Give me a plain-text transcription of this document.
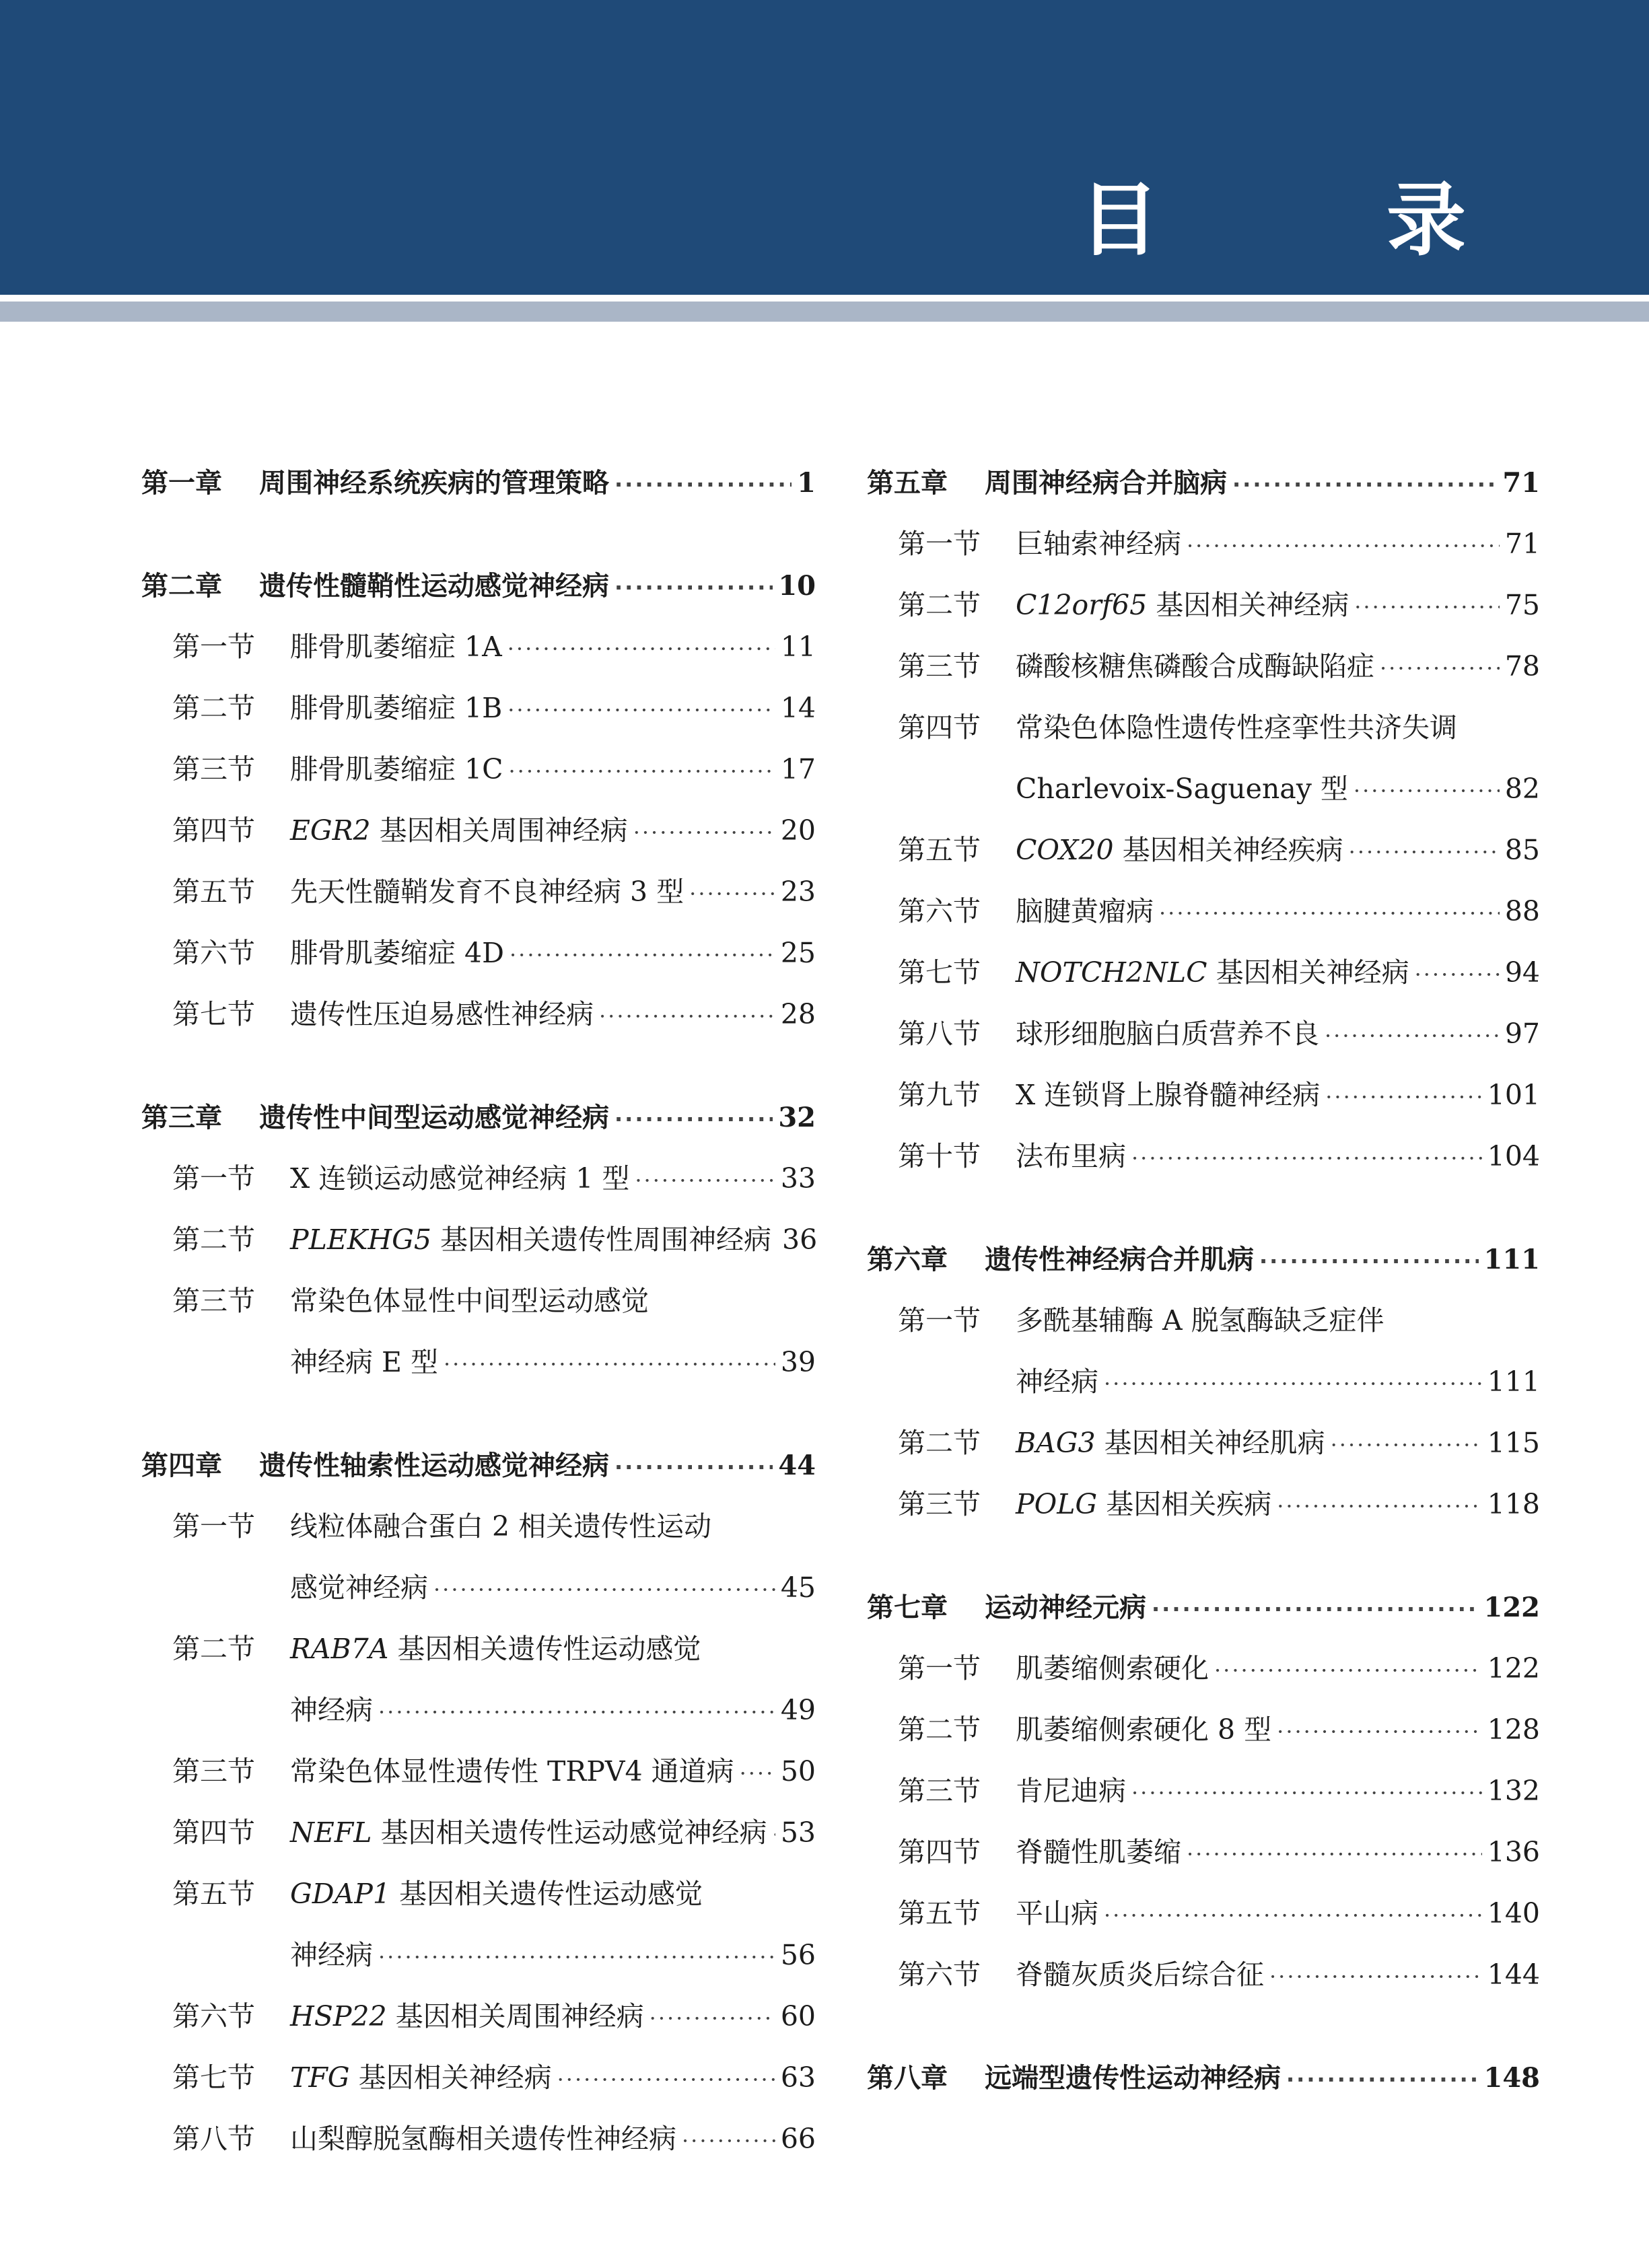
目　录
第一章	周围神经系统疾病的管理策略 ·····	1
第二章	遗传性髓鞘性运动感觉神经病 ·····	10
第一节	腓骨肌萎缩症 1A ·····	11
第二节	腓骨肌萎缩症 1B ·····	14
第三节	腓骨肌萎缩症 1C ·····	17
第四节	EGR2 基因相关周围神经病 ·····	20
第五节	先天性髓鞘发育不良神经病 3 型 ·····	23
第六节	腓骨肌萎缩症 4D ·····	25
第七节	遗传性压迫易感性神经病 ·····	28
第三章	遗传性中间型运动感觉神经病 ·····	32
第一节	X 连锁运动感觉神经病 1 型 ·····	33
第二节	PLEKHG5 基因相关遗传性周围神经病 36
第三节	常染色体显性中间型运动感觉
神经病 E 型 ·····	39
第四章	遗传性轴索性运动感觉神经病 ·····	44
第一节	线粒体融合蛋白 2 相关遗传性运动
感觉神经病 ·····	45
第二节	RAB7A 基因相关遗传性运动感觉
神经病 ·····	49
第三节	常染色体显性遗传性 TRPV4 通道病 ····· 50
第四节	NEFL 基因相关遗传性运动感觉神经病 ····· 53
第五节	GDAP1 基因相关遗传性运动感觉
神经病 ·····	56
第六节	HSP22 基因相关周围神经病 ·····	60
第七节	TFG 基因相关神经病 ·····	63
第八节	山梨醇脱氢酶相关遗传性神经病 ·····	66
第五章	周围神经病合并脑病 ·····	71
第一节	巨轴索神经病 ·····	71
第二节	C12orf65 基因相关神经病 ·····	75
第三节	磷酸核糖焦磷酸合成酶缺陷症 ·····	78
第四节	常染色体隐性遗传性痉挛性共济失调
Charlevoix-Saguenay 型 ·····	82
第五节	COX20 基因相关神经疾病 ·····	85
第六节	脑腱黄瘤病 ·····	88
第七节	NOTCH2NLC 基因相关神经病 ·····	94
第八节	球形细胞脑白质营养不良 ·····	97
第九节	X 连锁肾上腺脊髓神经病 ·····	101
第十节	法布里病 ·····	104
第六章	遗传性神经病合并肌病 ·····	111
第一节	多酰基辅酶 A 脱氢酶缺乏症伴
神经病 ·····	111
第二节	BAG3 基因相关神经肌病 ·····	115
第三节	POLG 基因相关疾病 ·····	118
第七章	运动神经元病 ·····	122
第一节	肌萎缩侧索硬化 ·····	122
第二节	肌萎缩侧索硬化 8 型 ·····	128
第三节	肯尼迪病 ·····	132
第四节	脊髓性肌萎缩 ·····	136
第五节	平山病 ·····	140
第六节	脊髓灰质炎后综合征 ·····	144
第八章	远端型遗传性运动神经病 ·····	148
